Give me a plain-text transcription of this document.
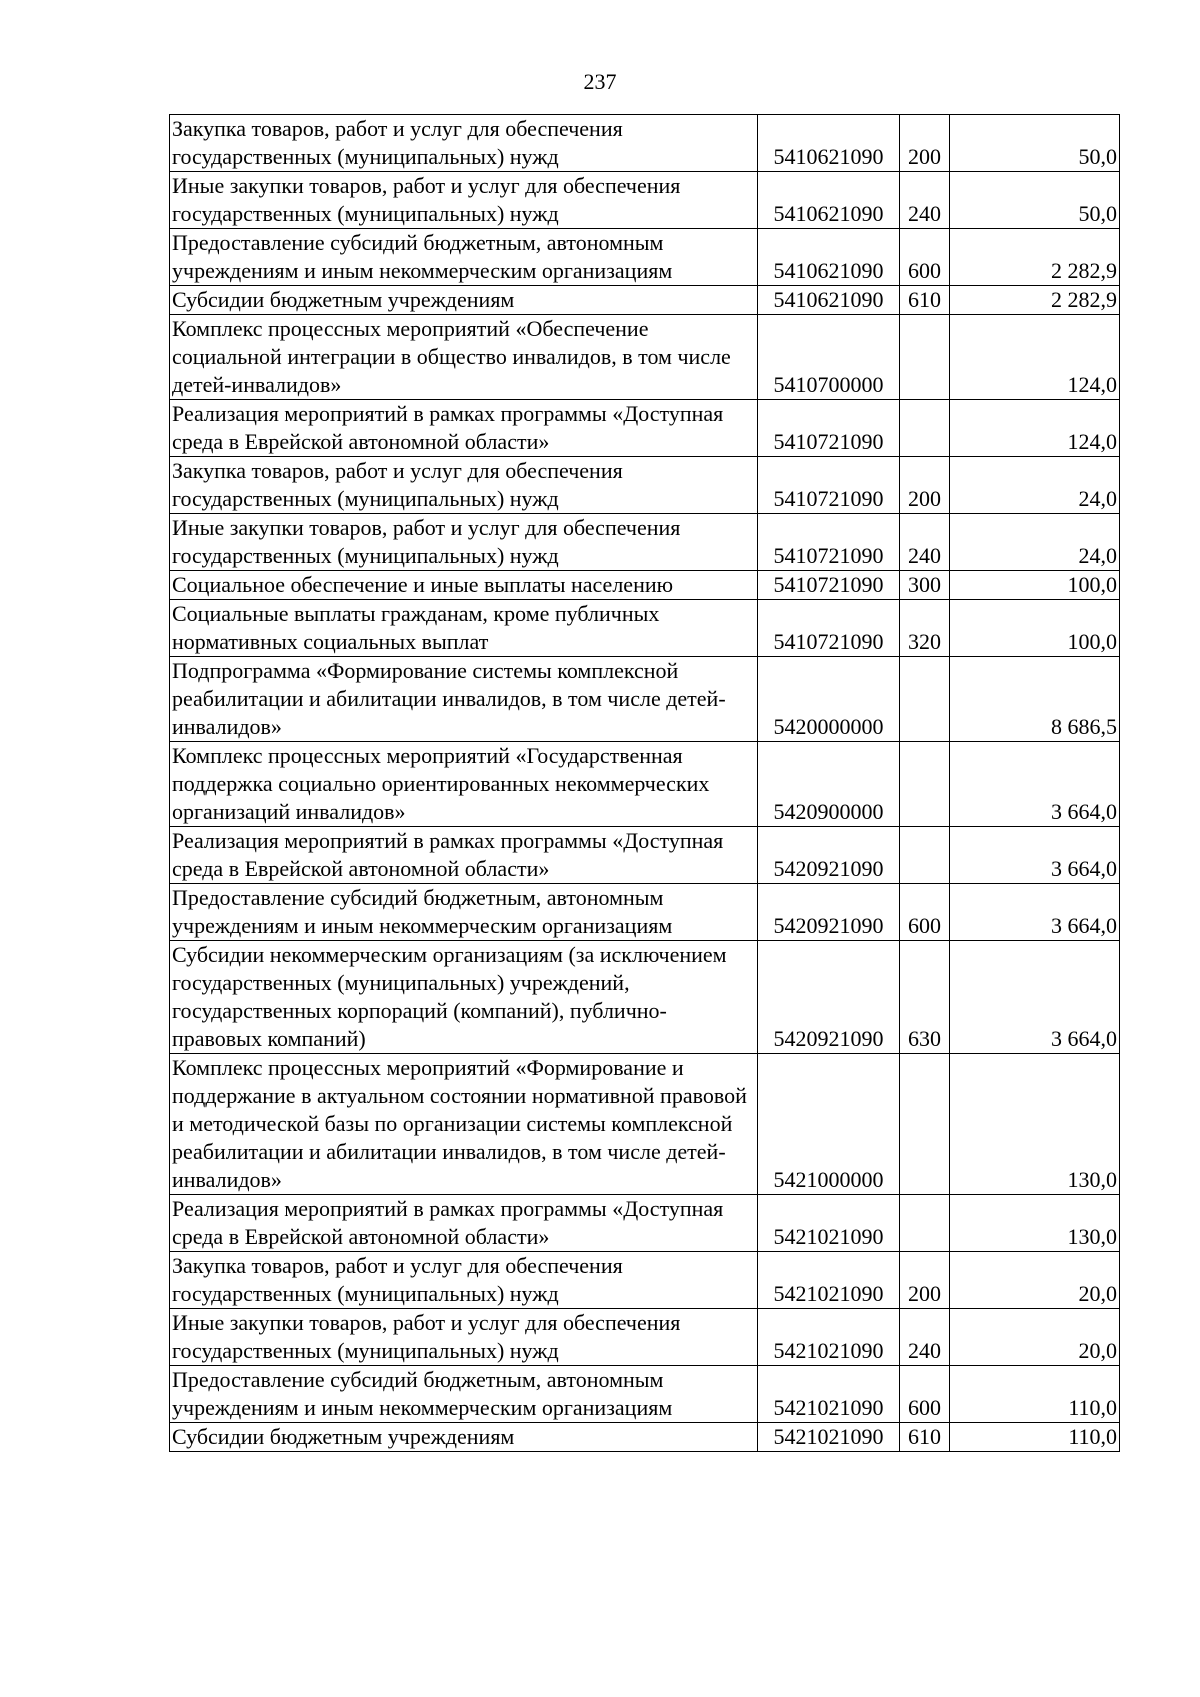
237
Закупка товаров, работ и услуг для обеспечения государственных (муниципальных) нужд	5410621090	200	50,0
Иные закупки товаров, работ и услуг для обеспечения государственных (муниципальных) нужд	5410621090	240	50,0
Предоставление субсидий бюджетным, автономным учреждениям и иным некоммерческим организациям	5410621090	600	2 282,9
Субсидии бюджетным учреждениям	5410621090	610	2 282,9
Комплекс процессных мероприятий «Обеспечение социальной интеграции в общество инвалидов, в том числе детей-инвалидов»	5410700000		124,0
Реализация мероприятий в рамках программы «Доступная среда в Еврейской автономной области»	5410721090		124,0
Закупка товаров, работ и услуг для обеспечения государственных (муниципальных) нужд	5410721090	200	24,0
Иные закупки товаров, работ и услуг для обеспечения государственных (муниципальных) нужд	5410721090	240	24,0
Социальное обеспечение и иные выплаты населению	5410721090	300	100,0
Социальные выплаты гражданам, кроме публичных нормативных социальных выплат	5410721090	320	100,0
Подпрограмма «Формирование системы комплексной реабилитации и абилитации инвалидов, в том числе детей-инвалидов»	5420000000		8 686,5
Комплекс процессных мероприятий «Государственная поддержка социально ориентированных некоммерческих организаций инвалидов»	5420900000		3 664,0
Реализация мероприятий в рамках программы «Доступная среда в Еврейской автономной области»	5420921090		3 664,0
Предоставление субсидий бюджетным, автономным учреждениям и иным некоммерческим организациям	5420921090	600	3 664,0
Субсидии некоммерческим организациям (за исключением государственных (муниципальных) учреждений, государственных корпораций (компаний), публично-правовых компаний)	5420921090	630	3 664,0
Комплекс процессных мероприятий «Формирование и поддержание в актуальном состоянии нормативной правовой и методической базы по организации системы комплексной реабилитации и абилитации инвалидов, в том числе детей-инвалидов»	5421000000		130,0
Реализация мероприятий в рамках программы «Доступная среда в Еврейской автономной области»	5421021090		130,0
Закупка товаров, работ и услуг для обеспечения государственных (муниципальных) нужд	5421021090	200	20,0
Иные закупки товаров, работ и услуг для обеспечения государственных (муниципальных) нужд	5421021090	240	20,0
Предоставление субсидий бюджетным, автономным учреждениям и иным некоммерческим организациям	5421021090	600	110,0
Субсидии бюджетным учреждениям	5421021090	610	110,0
